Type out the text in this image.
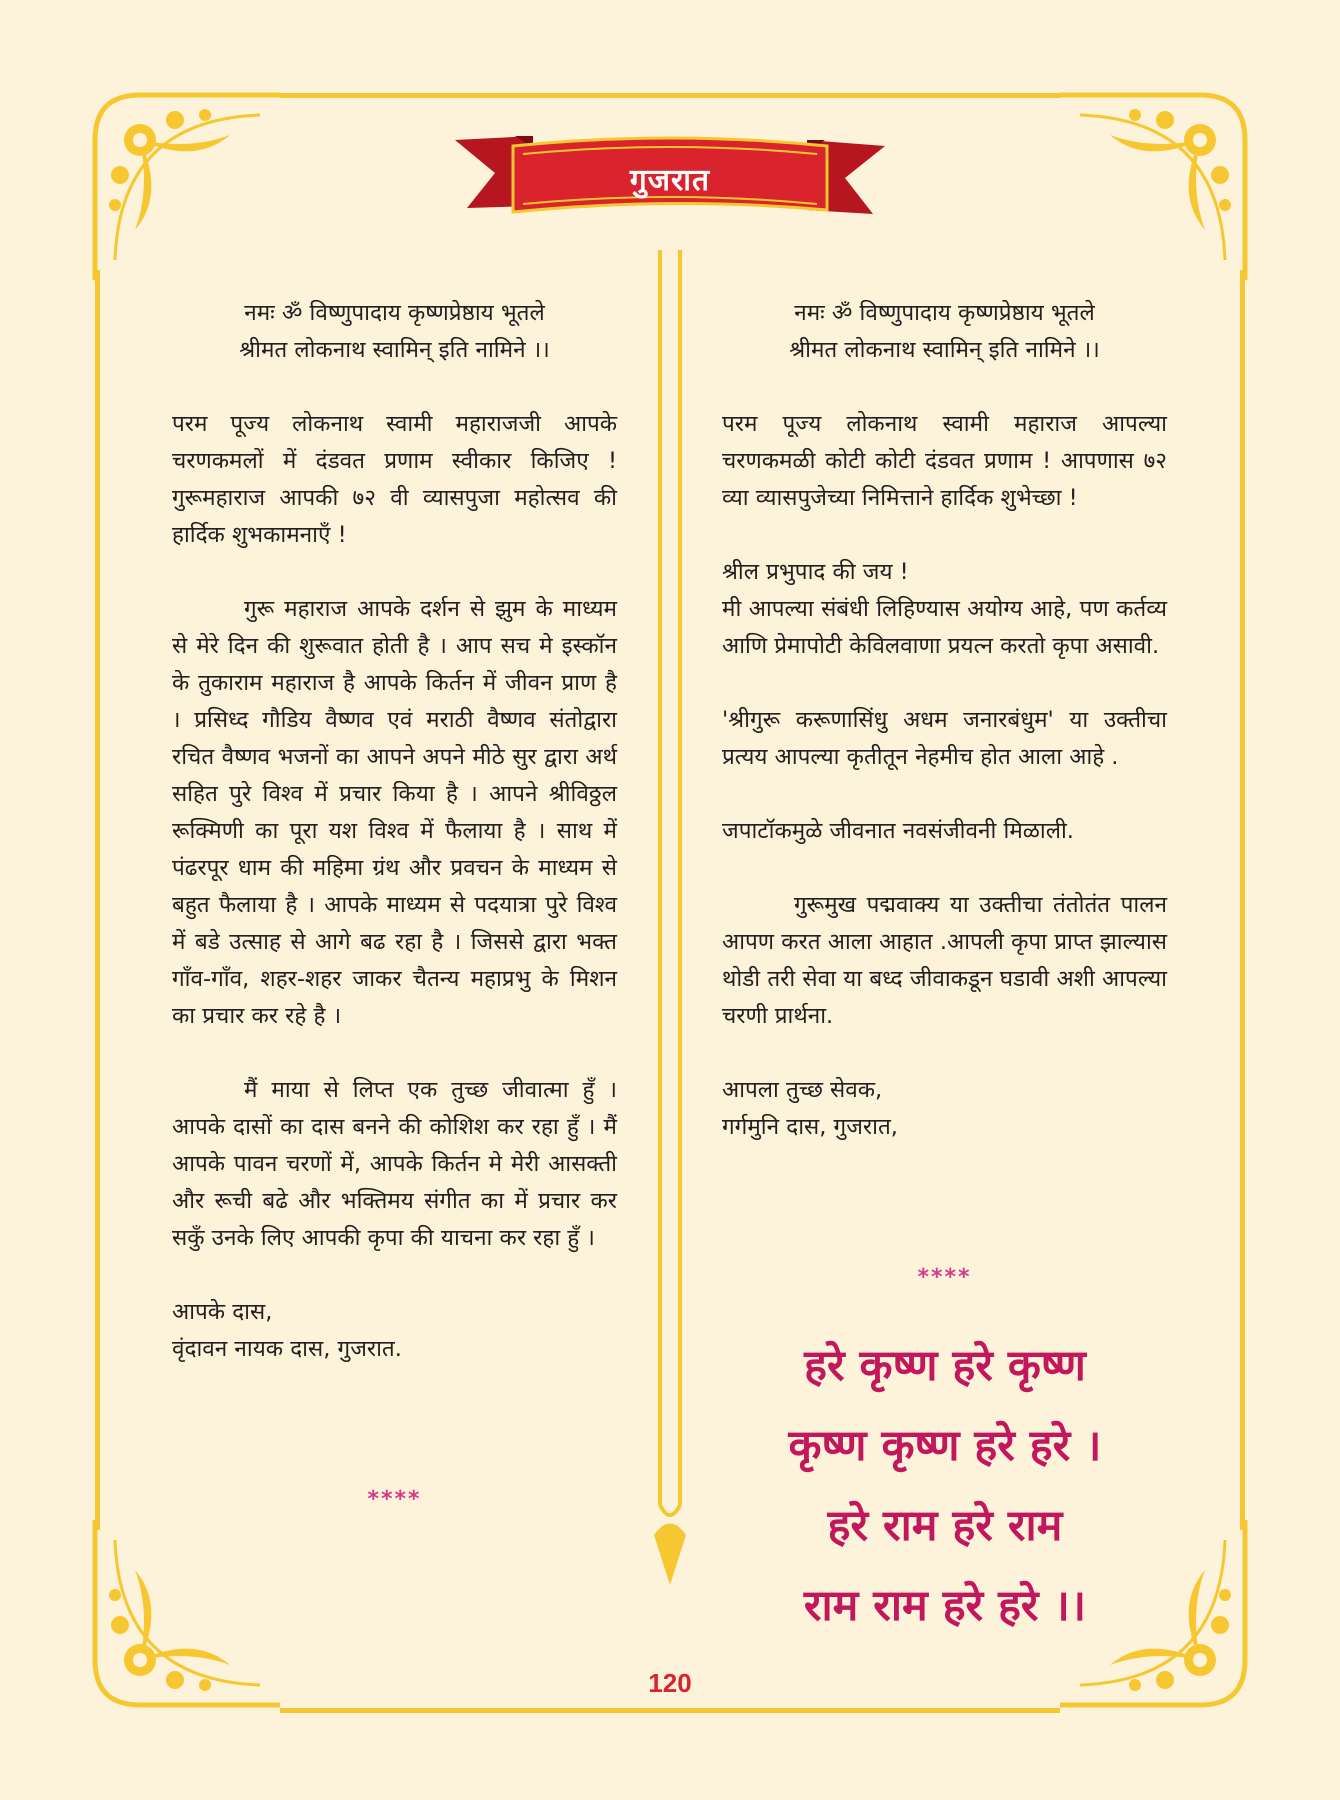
गुजरात

नमः ॐ विष्णुपादाय कृष्णप्रेष्ठाय भूतले

श्रीमत लोकनाथ स्वामिन् इति नामिने ।।

परम पूज्य लोकनाथ स्वामी महाराजजी आपके चरणकमलों में दंडवत प्रणाम स्वीकार किजिए ! गुरूमहाराज आपकी ७२ वी व्यासपुजा महोत्सव की हार्दिक शुभकामनाएँ !

गुरू महाराज आपके दर्शन से झुम के माध्यम से मेरे दिन की शुरूवात होती है । आप सच मे इस्कॉन के तुकाराम महाराज है आपके किर्तन में जीवन प्राण है । प्रसिध्द गौडिय वैष्णव एवं मराठी वैष्णव संतोद्वारा रचित वैष्णव भजनों का आपने अपने मीठे सुर द्वारा अर्थ सहित पुरे विश्व में प्रचार किया है । आपने श्रीविठ्ठल रूक्मिणी का पूरा यश विश्व में फैलाया है । साथ में पंढरपूर धाम की महिमा ग्रंथ और प्रवचन के माध्यम से बहुत फैलाया है । आपके माध्यम से पदयात्रा पुरे विश्व में बडे उत्साह से आगे बढ रहा है । जिससे द्वारा भक्त गाँव-गाँव, शहर-शहर जाकर चैतन्य महाप्रभु के मिशन का प्रचार कर रहे है ।

मैं माया से लिप्त एक तुच्छ जीवात्मा हुँ । आपके दासों का दास बनने की कोशिश कर रहा हुँ । मैं आपके पावन चरणों में, आपके किर्तन मे मेरी आसक्ती और रूची बढे और भक्तिमय संगीत का में प्रचार कर सकुँ उनके लिए आपकी कृपा की याचना कर रहा हुँ ।

आपके दास,

वृंदावन नायक दास, गुजरात.

****

नमः ॐ विष्णुपादाय कृष्णप्रेष्ठाय भूतले

श्रीमत लोकनाथ स्वामिन् इति नामिने ।।

परम पूज्य लोकनाथ स्वामी महाराज आपल्या चरणकमळी कोटी कोटी दंडवत प्रणाम ! आपणास ७२ व्या व्यासपुजेच्या निमित्ताने हार्दिक शुभेच्छा !

श्रील प्रभुपाद की जय !

मी आपल्या संबंधी लिहिण्यास अयोग्य आहे, पण कर्तव्य आणि प्रेमापोटी केविलवाणा प्रयत्न करतो कृपा असावी.

'श्रीगुरू करूणासिंधु अधम जनारबंधुम' या उक्तीचा प्रत्यय आपल्या कृतीतून नेहमीच होत आला आहे .

जपाटॉकमुळे जीवनात नवसंजीवनी मिळाली.

गुरूमुख पद्मवाक्य या उक्तीचा तंतोतंत पालन आपण करत आला आहात .आपली कृपा प्राप्त झाल्यास थोडी तरी सेवा या बध्द जीवाकडून घडावी अशी आपल्या चरणी प्रार्थना.

आपला तुच्छ सेवक,

गर्गमुनि दास, गुजरात,

****
हरे कृष्ण हरे कृष्ण
कृष्ण कृष्ण हरे हरे ।
हरे राम हरे राम
राम राम हरे हरे ।।
120
